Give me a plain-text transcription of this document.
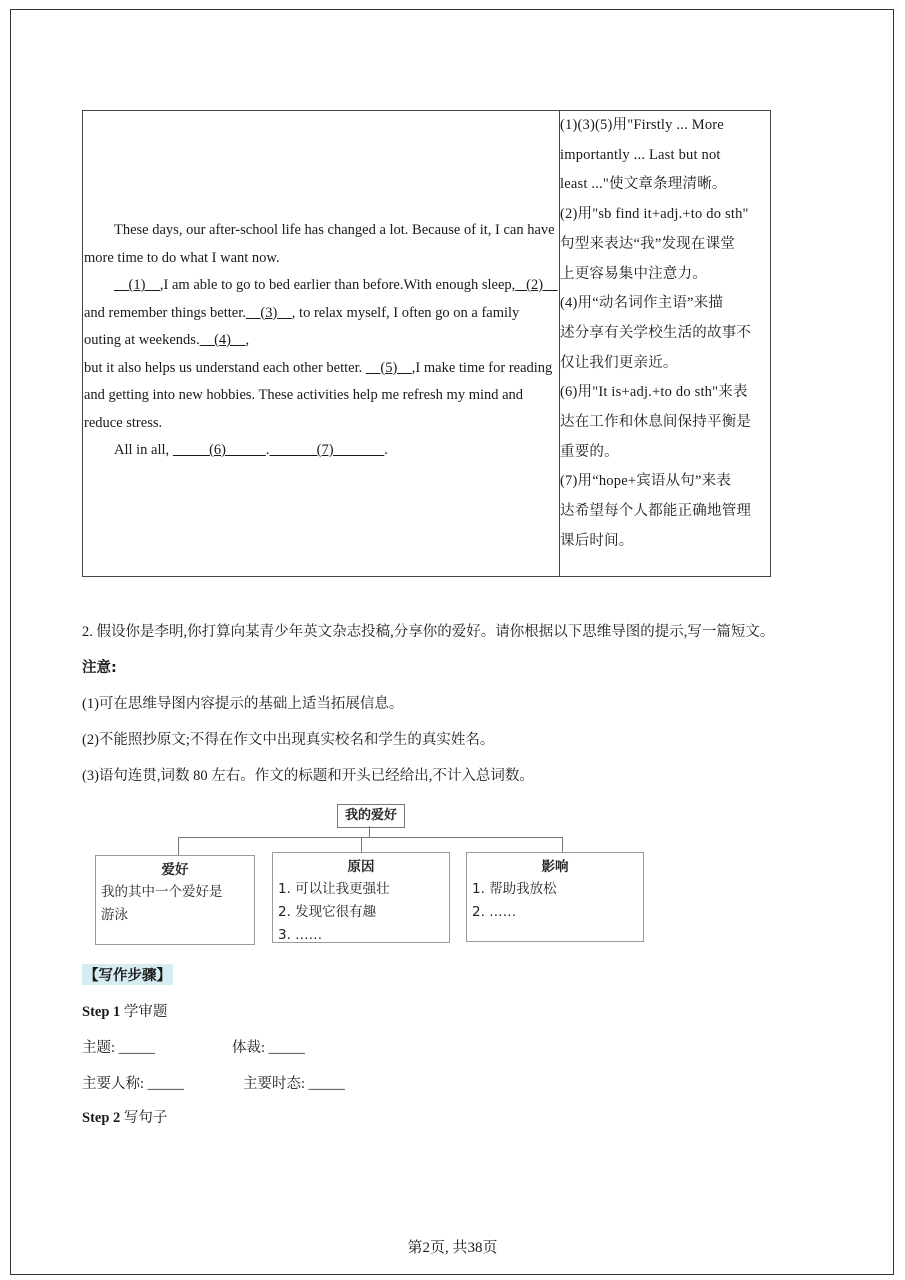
These days, our after-school life has changed a lot. Because of it, I can have more time to do what I want now.

(1)    ,I am able to go to bed earlier than before.With enough sleep,   (2)     and remember things better.    (3)    , to relax myself, I often go on a family outing at weekends.    (4)    ,

but it also helps us understand each other better.     (5)    ,I make time for reading and getting into new hobbies. These activities help me refresh my mind and reduce stress.

All in all,           (6)           .             (7)              .

(1)(3)(5)用"Firstly ... More
importantly ... Last but not
least ..."使文章条理清晰。
(2)用"sb find it+adj.+to do sth"
句型来表达“我”发现在课堂
上更容易集中注意力。
(4)用“动名词作主语”来描
述分享有关学校生活的故事不
仅让我们更亲近。
(6)用"It is+adj.+to do sth"来表
达在工作和休息间保持平衡是
重要的。
(7)用“hope+宾语从句”来表
达希望每个人都能正确地管理
课后时间。
2. 假设你是李明,你打算向某青少年英文杂志投稿,分享你的爱好。请你根据以下思维导图的提示,写一篇短文。
注意:
(1)可在思维导图内容提示的基础上适当拓展信息。
(2)不能照抄原文;不得在作文中出现真实校名和学生的真实姓名。
(3)语句连贯,词数 80 左右。作文的标题和开头已经给出,不计入总词数。
我的爱好
爱好
我的其中一个爱好是
游泳
原因
1. 可以让我更强壮
2. 发现它很有趣
3. ……
影响
1. 帮助我放松
2. ……
【写作步骤】
Step 1 学审题
主题: _____	体裁: _____
主要人称: _____	主要时态: _____
Step 2 写句子
第2页, 共38页
